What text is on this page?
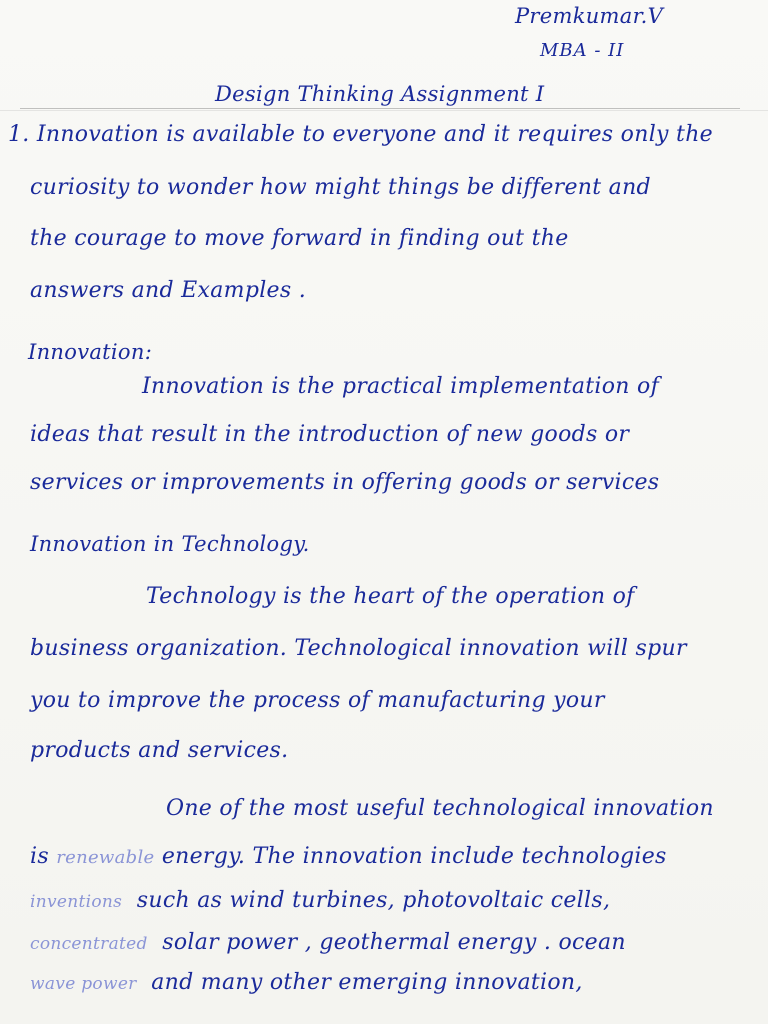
Premkumar.V
MBA - II
Design Thinking Assignment I
1. Innovation is available to everyone and it requires only the
curiosity to wonder how might things be different and
the courage to move forward in finding out the
answers and Examples .
Innovation:
Innovation is the practical implementation of
ideas that result in the introduction of new goods or
services or improvements in offering goods or services
Innovation in Technology.
Technology is the heart of the operation of
business organization. Technological innovation will spur
you to improve the process of manufacturing your
products and services.
One of the most useful technological innovation
is renewable energy. The innovation include technologies
inventions such as wind turbines, photovoltaic cells,
concentrated solar power , geothermal energy . ocean
wave power and many other emerging innovation,
